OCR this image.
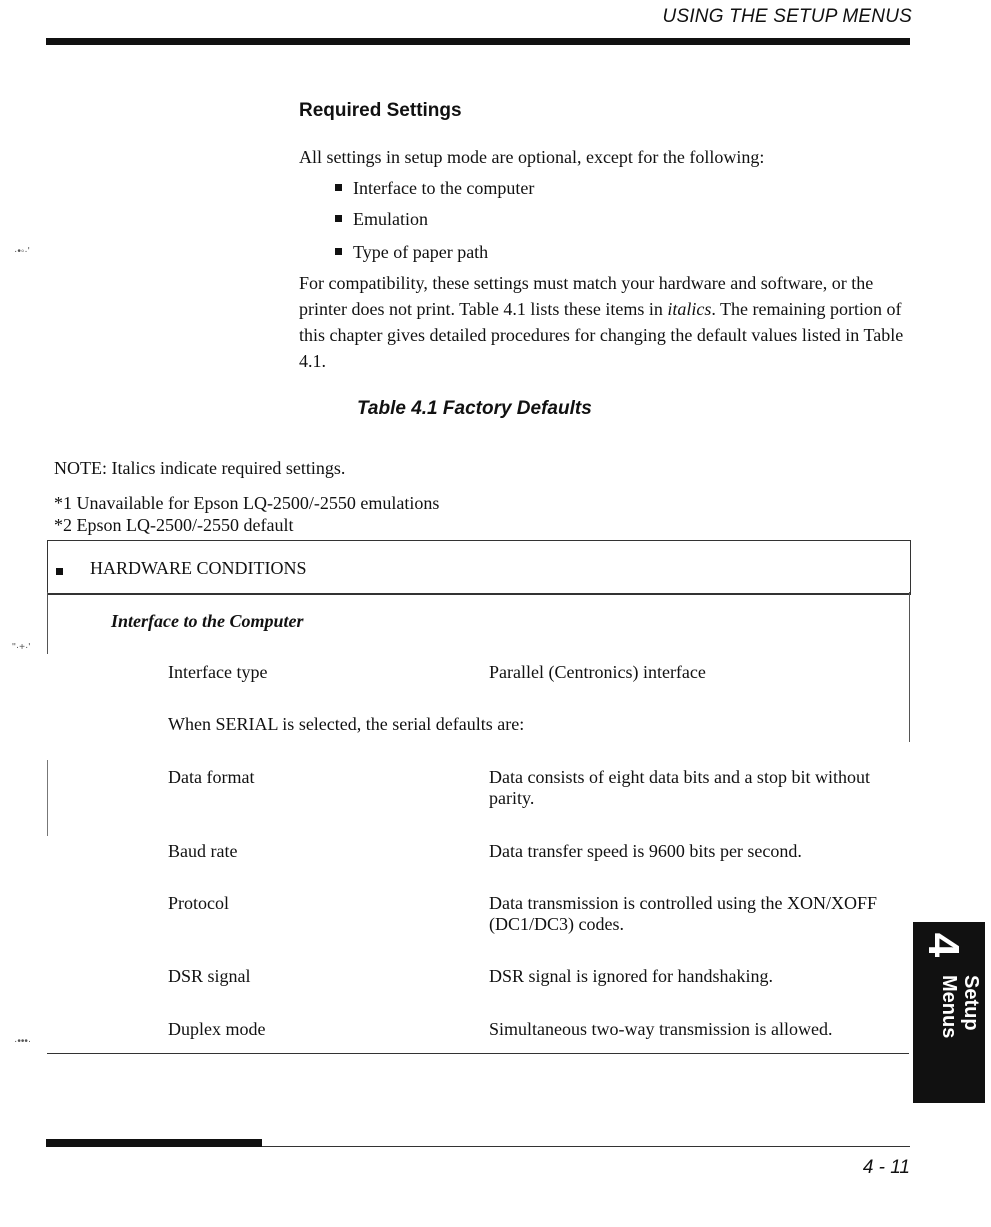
USING THE SETUP MENUS
Required Settings
All settings in setup mode are optional, except for the following:
Interface to the computer
Emulation
Type of paper path
For compatibility, these settings must match your hardware and software, or the printer does not print. Table 4.1 lists these items in italics. The remaining portion of this chapter gives detailed procedures for changing the default values listed in Table 4.1.
Table 4.1 Factory Defaults
NOTE: Italics indicate required settings.
*1 Unavailable for Epson LQ-2500/-2550 emulations
*2 Epson LQ-2500/-2550 default
HARDWARE CONDITIONS
Interface to the Computer
Interface type	Parallel (Centronics) interface
When SERIAL is selected, the serial defaults are:
Data format	Data consists of eight data bits and a stop bit without parity.
Baud rate	Data transfer speed is 9600 bits per second.
Protocol	Data transmission is controlled using the XON/XOFF (DC1/DC3) codes.
DSR signal	DSR signal is ignored for handshaking.
Duplex mode	Simultaneous two-way transmission is allowed.
4
Setup
Menus
·•◦·'
''·+·'
·•••·
4 - 11
